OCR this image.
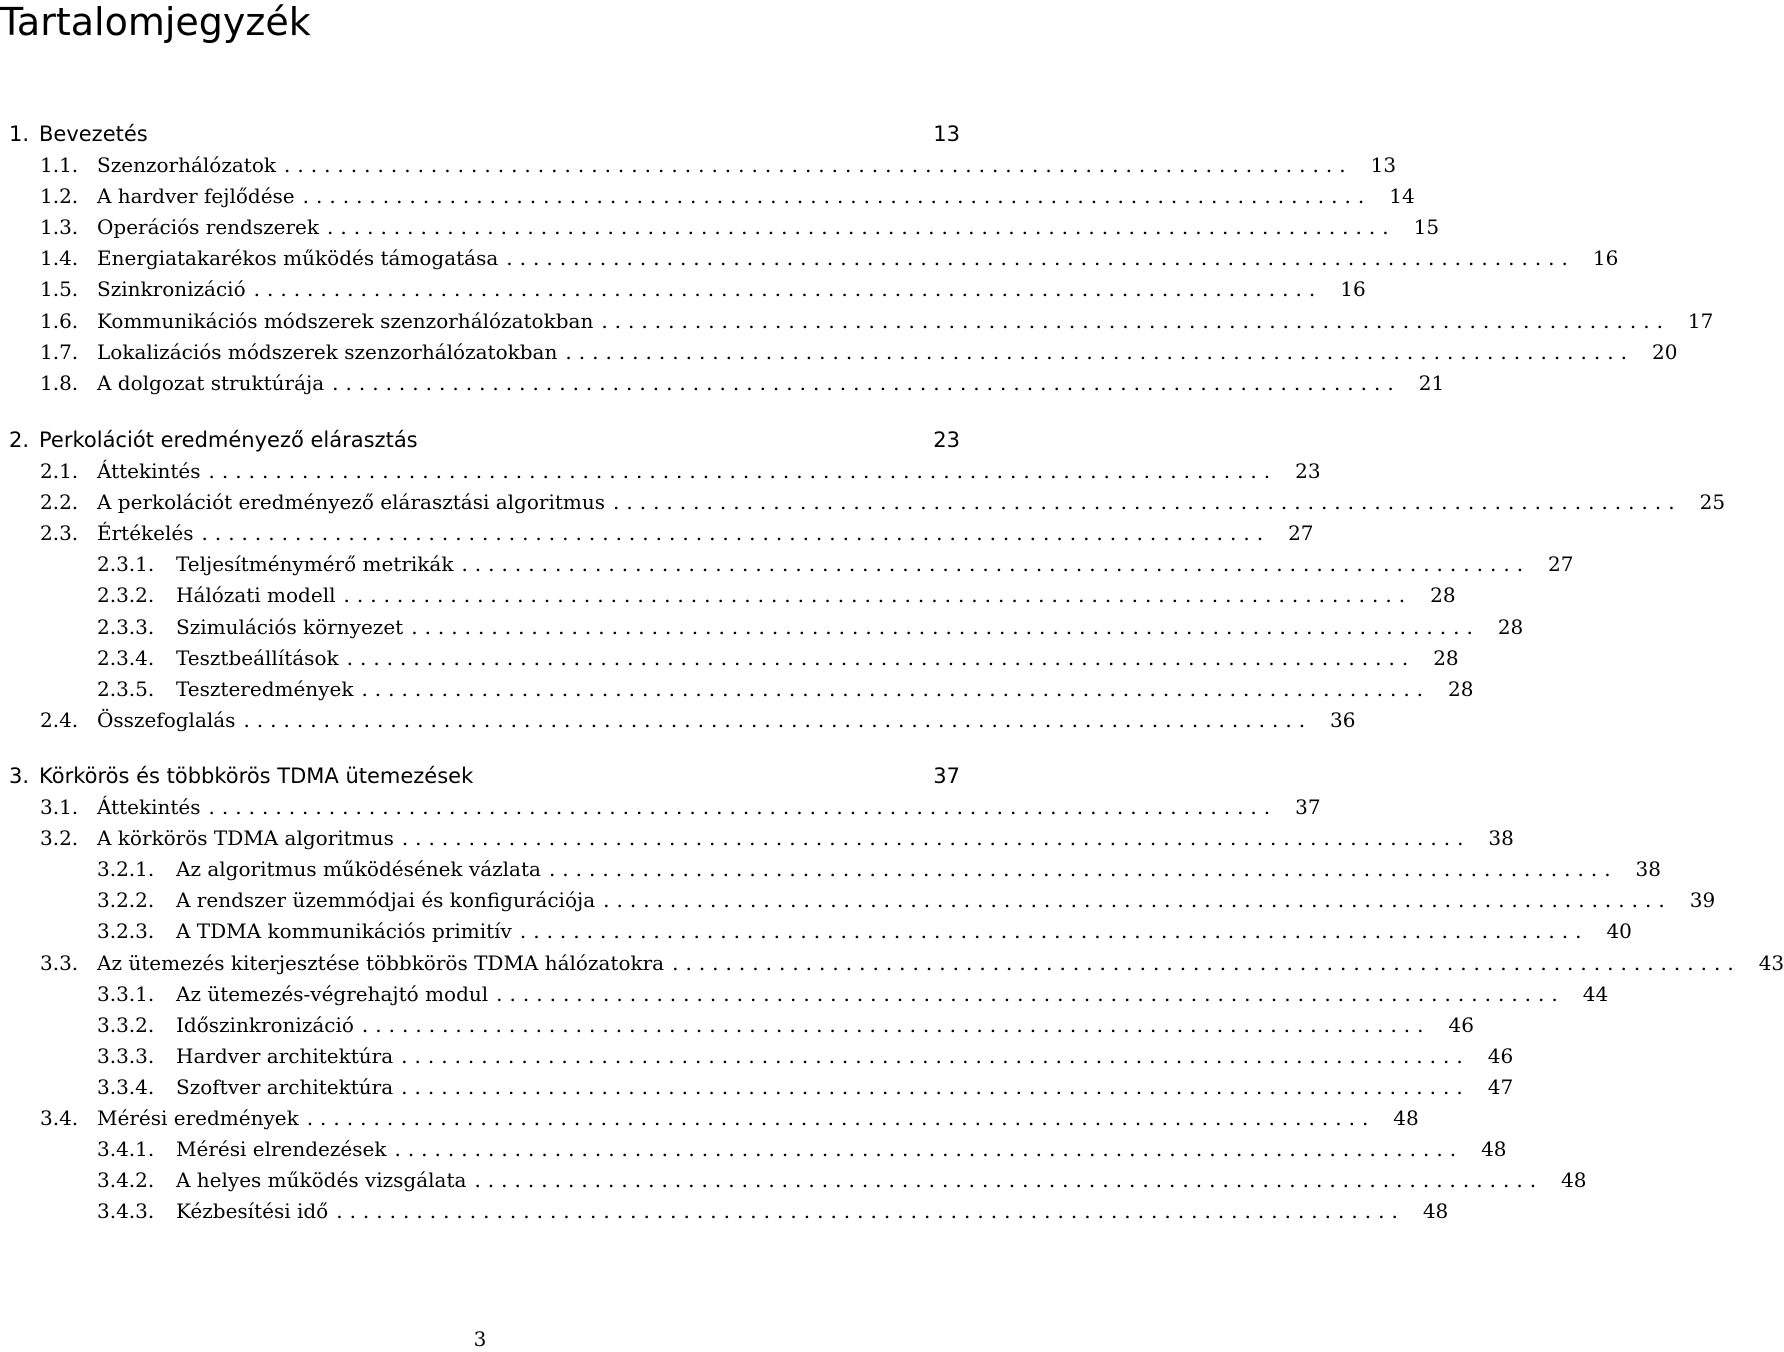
Tartalomjegyzék
1. Bevezetés	13
1.1. Szenzorhálózatok ................................................................................ 13
1.2. A hardver fejlődése ................................................................................ 14
1.3. Operációs rendszerek ................................................................................ 15
1.4. Energiatakarékos működés támogatása ................................................................................ 16
1.5. Szinkronizáció ................................................................................ 16
1.6. Kommunikációs módszerek szenzorhálózatokban ................................................................................ 17
1.7. Lokalizációs módszerek szenzorhálózatokban ................................................................................ 20
1.8. A dolgozat struktúrája ................................................................................ 21
2. Perkolációt eredményező elárasztás	23
2.1. Áttekintés ................................................................................ 23
2.2. A perkolációt eredményező elárasztási algoritmus ................................................................................ 25
2.3. Értékelés ................................................................................ 27
2.3.1.	Teljesítménymérő metrikák ................................................................................ 27
2.3.2.	Hálózati modell ................................................................................ 28
2.3.3.	Szimulációs környezet ................................................................................ 28
2.3.4.	Tesztbeállítások ................................................................................ 28
2.3.5.	Teszteredmények ................................................................................ 28
2.4. Összefoglalás ................................................................................ 36
3. Körkörös és többkörös TDMA ütemezések	37
3.1. Áttekintés ................................................................................ 37
3.2. A körkörös TDMA algoritmus ................................................................................ 38
3.2.1.	Az algoritmus működésének vázlata ................................................................................ 38
3.2.2.	A rendszer üzemmódjai és konfigurációja ................................................................................ 39
3.2.3.	A TDMA kommunikációs primitív ................................................................................ 40
3.3. Az ütemezés kiterjesztése többkörös TDMA hálózatokra ................................................................................ 43
3.3.1.	Az ütemezés-végrehajtó modul ................................................................................ 44
3.3.2.	Időszinkronizáció ................................................................................ 46
3.3.3.	Hardver architektúra ................................................................................ 46
3.3.4.	Szoftver architektúra ................................................................................ 47
3.4. Mérési eredmények ................................................................................ 48
3.4.1.	Mérési elrendezések ................................................................................ 48
3.4.2.	A helyes működés vizsgálata ................................................................................ 48
3.4.3.	Kézbesítési idő ................................................................................ 48
3
